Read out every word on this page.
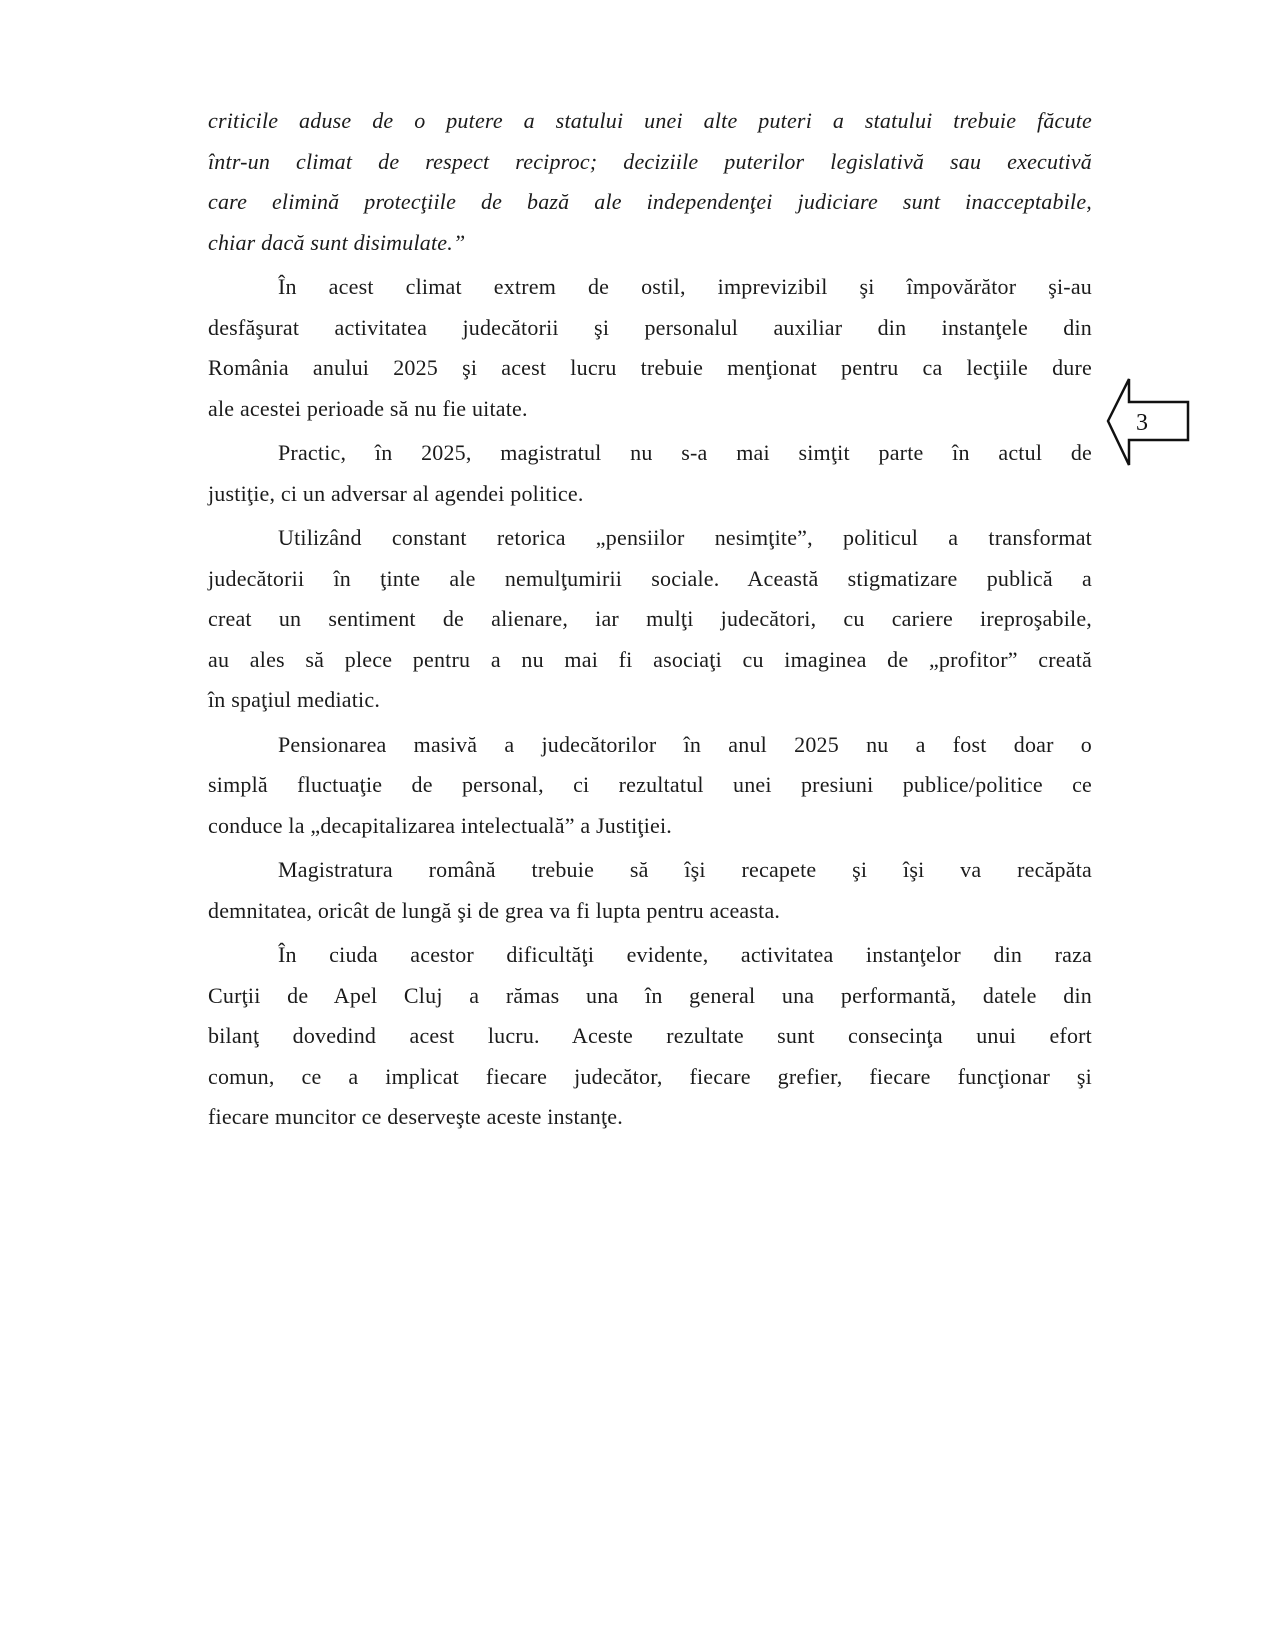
criticile aduse de o putere a statului unei alte puteri a statului trebuie făcute
într-un climat de respect reciproc; deciziile puterilor legislativă sau executivă
care elimină protecţiile de bază ale independenţei judiciare sunt inacceptabile,
chiar dacă sunt disimulate.”
În acest climat extrem de ostil, imprevizibil şi împovărător şi-au
desfăşurat activitatea judecătorii şi personalul auxiliar din instanţele din
România anului 2025 şi acest lucru trebuie menţionat pentru ca lecţiile dure
ale acestei perioade să nu fie uitate.
Practic, în 2025, magistratul nu s-a mai simţit parte în actul de
justiţie, ci un adversar al agendei politice.
Utilizând constant retorica „pensiilor nesimţite”, politicul a transformat
judecătorii în ţinte ale nemulţumirii sociale. Această stigmatizare publică a
creat un sentiment de alienare, iar mulţi judecători, cu cariere ireproşabile,
au ales să plece pentru a nu mai fi asociaţi cu imaginea de „profitor” creată
în spaţiul mediatic.
Pensionarea masivă a judecătorilor în anul 2025 nu a fost doar o
simplă fluctuaţie de personal, ci rezultatul unei presiuni publice/politice ce
conduce la „decapitalizarea intelectuală” a Justiţiei.
Magistratura română trebuie să îşi recapete şi îşi va recăpăta
demnitatea, oricât de lungă şi de grea va fi lupta pentru aceasta.
În ciuda acestor dificultăţi evidente, activitatea instanţelor din raza
Curţii de Apel Cluj a rămas una în general una performantă, datele din
bilanţ dovedind acest lucru. Aceste rezultate sunt consecinţa unui efort
comun, ce a implicat fiecare judecător, fiecare grefier, fiecare funcţionar şi
fiecare muncitor ce deserveşte aceste instanţe.
3
